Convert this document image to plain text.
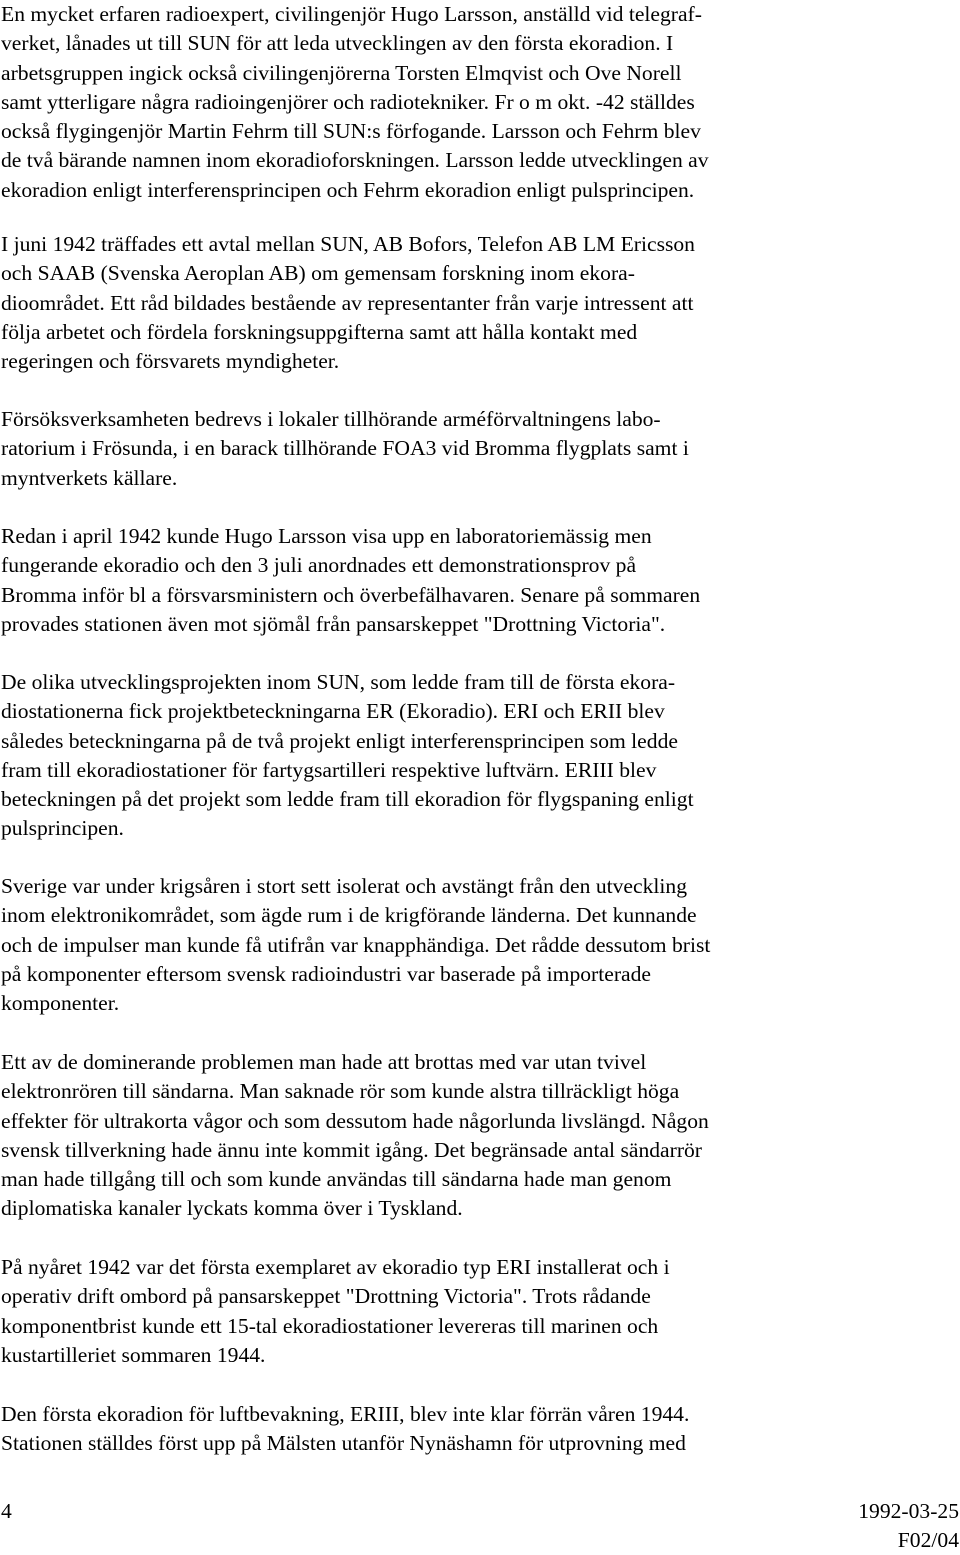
En mycket erfaren radioexpert, civilingenjör Hugo Larsson, anställd vid telegraf-
verket, lånades ut till SUN för att leda utvecklingen av den första ekoradion. I
arbetsgruppen ingick också civilingenjörerna Torsten Elmqvist och Ove Norell
samt ytterligare några radioingenjörer och radiotekniker. Fr o m okt. -42 ställdes
också flygingenjör Martin Fehrm till SUN:s förfogande. Larsson och Fehrm blev
de två bärande namnen inom ekoradioforskningen. Larsson ledde utvecklingen av
ekoradion enligt interferensprincipen och Fehrm ekoradion enligt pulsprincipen.
I juni 1942 träffades ett avtal mellan SUN, AB Bofors, Telefon AB LM Ericsson
och SAAB (Svenska Aeroplan AB) om gemensam forskning inom ekora-
dioområdet. Ett råd bildades bestående av representanter från varje intressent att
följa arbetet och fördela forskningsuppgifterna samt att hålla kontakt med
regeringen och försvarets myndigheter.
Försöksverksamheten bedrevs i lokaler tillhörande arméförvaltningens labo-
ratorium i Frösunda, i en barack tillhörande FOA3 vid Bromma flygplats samt i
myntverkets källare.
Redan i april 1942 kunde Hugo Larsson visa upp en laboratoriemässig men
fungerande ekoradio och den 3 juli anordnades ett demonstrationsprov på
Bromma inför bl a försvarsministern och överbefälhavaren. Senare på sommaren
provades stationen även mot sjömål från pansarskeppet "Drottning Victoria".
De olika utvecklingsprojekten inom SUN, som ledde fram till de första ekora-
diostationerna fick projektbeteckningarna ER (Ekoradio). ERI och ERII blev
således beteckningarna på de två projekt enligt interferensprincipen som ledde
fram till ekoradiostationer för fartygsartilleri respektive luftvärn. ERIII blev
beteckningen på det projekt som ledde fram till ekoradion för flygspaning enligt
pulsprincipen.
Sverige var under krigsåren i stort sett isolerat och avstängt från den utveckling
inom elektronikområdet, som ägde rum i de krigförande länderna. Det kunnande
och de impulser man kunde få utifrån var knapphändiga. Det rådde dessutom brist
på komponenter eftersom svensk radioindustri var baserade på importerade
komponenter.
Ett av de dominerande problemen man hade att brottas med var utan tvivel
elektronrören till sändarna. Man saknade rör som kunde alstra tillräckligt höga
effekter för ultrakorta vågor och som dessutom hade någorlunda livslängd. Någon
svensk tillverkning hade ännu inte kommit igång. Det begränsade antal sändarrör
man hade tillgång till och som kunde användas till sändarna hade man genom
diplomatiska kanaler lyckats komma över i Tyskland.
På nyåret 1942 var det första exemplaret av ekoradio typ ERI installerat och i
operativ drift ombord på pansarskeppet "Drottning Victoria". Trots rådande
komponentbrist kunde ett 15-tal ekoradiostationer levereras till marinen och
kustartilleriet sommaren 1944.
Den första ekoradion för luftbevakning, ERIII, blev inte klar förrän våren 1944.
Stationen ställdes först upp på Mälsten utanför Nynäshamn för utprovning med
4	1992-03-25
F02/04
